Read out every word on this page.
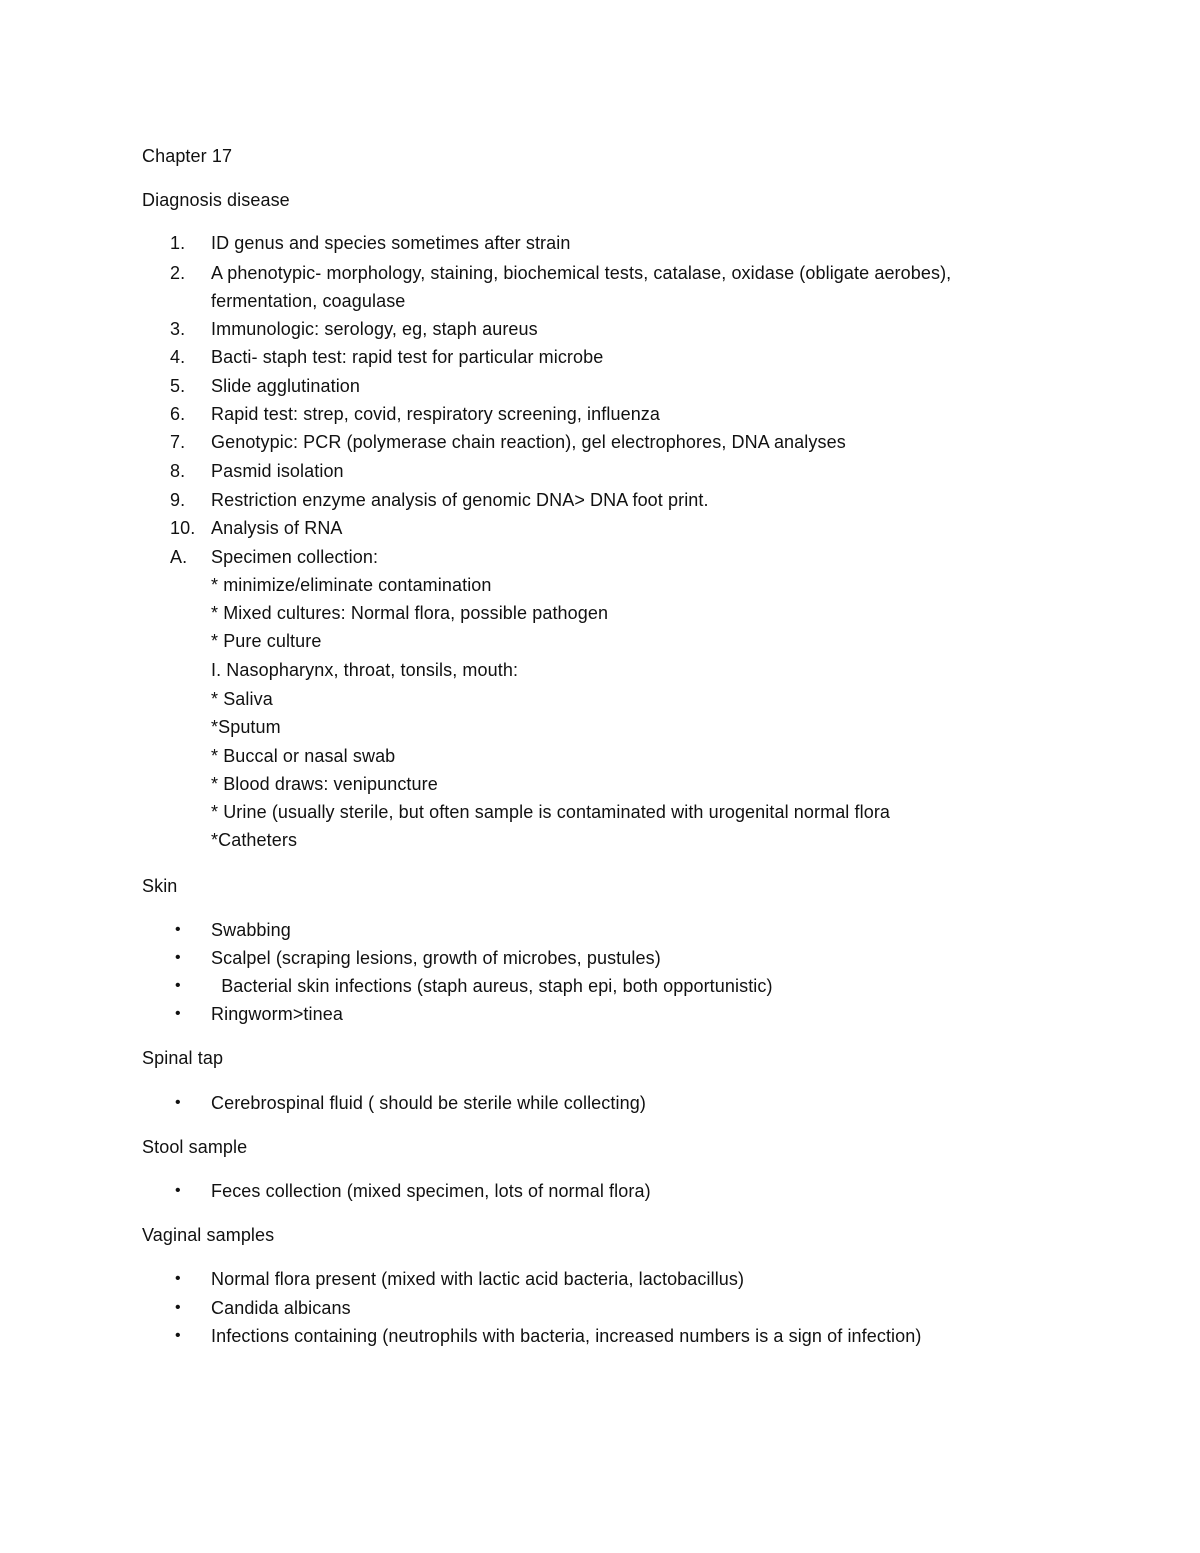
Chapter 17
Diagnosis disease
1. ID genus and species sometimes after strain
2. A phenotypic- morphology, staining, biochemical tests, catalase, oxidase (obligate aerobes),
fermentation, coagulase
3. Immunologic: serology, eg, staph aureus
4. Bacti- staph test: rapid test for particular microbe
5. Slide agglutination
6. Rapid test: strep, covid, respiratory screening, influenza
7. Genotypic: PCR (polymerase chain reaction), gel electrophores, DNA analyses
8. Pasmid isolation
9. Restriction enzyme analysis of genomic DNA> DNA foot print.
10. Analysis of RNA
A. Specimen collection:
* minimize/eliminate contamination
* Mixed cultures: Normal flora, possible pathogen
* Pure culture
I. Nasopharynx, throat, tonsils, mouth:
* Saliva
*Sputum
* Buccal or nasal swab
* Blood draws: venipuncture
* Urine (usually sterile, but often sample is contaminated with urogenital normal flora
*Catheters
Skin
• Swabbing
• Scalpel (scraping lesions, growth of microbes, pustules)
• Bacterial skin infections (staph aureus, staph epi, both opportunistic)
• Ringworm>tinea
Spinal tap
• Cerebrospinal fluid ( should be sterile while collecting)
Stool sample
• Feces collection (mixed specimen, lots of normal flora)
Vaginal samples
• Normal flora present (mixed with lactic acid bacteria, lactobacillus)
• Candida albicans
• Infections containing (neutrophils with bacteria, increased numbers is a sign of infection)
